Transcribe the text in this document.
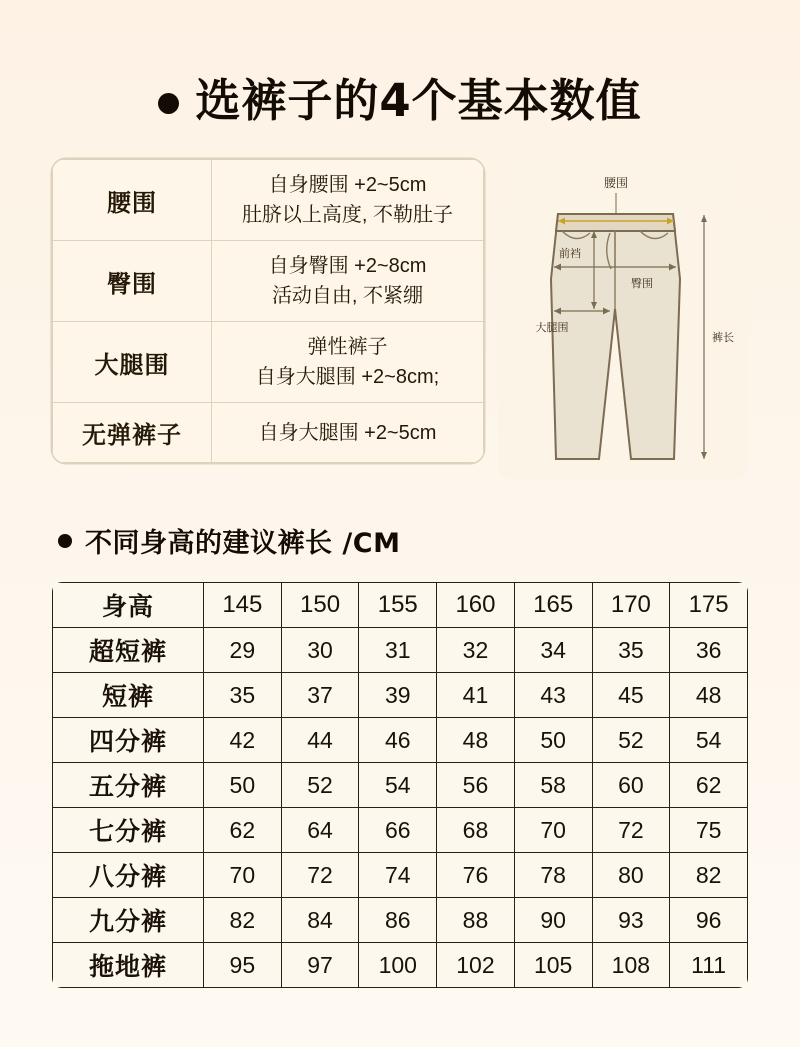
选裤子的4个基本数值
腰围	自身腰围 +2~5cm
肚脐以上高度, 不勒肚子

臀围	自身臀围 +2~8cm
活动自由, 不紧绷

大腿围	弹性裤子
自身大腿围 +2~8cm;

无弹裤子	自身大腿围 +2~5cm
腰围
前裆
臀围
大腿围
裤长
不同身高的建议裤长 /CM
身高	145	150	155	160	165	170	175
超短裤	29	30	31	32	34	35	36
短裤	35	37	39	41	43	45	48
四分裤	42	44	46	48	50	52	54
五分裤	50	52	54	56	58	60	62
七分裤	62	64	66	68	70	72	75
八分裤	70	72	74	76	78	80	82
九分裤	82	84	86	88	90	93	96
拖地裤	95	97	100	102	105	108	111
